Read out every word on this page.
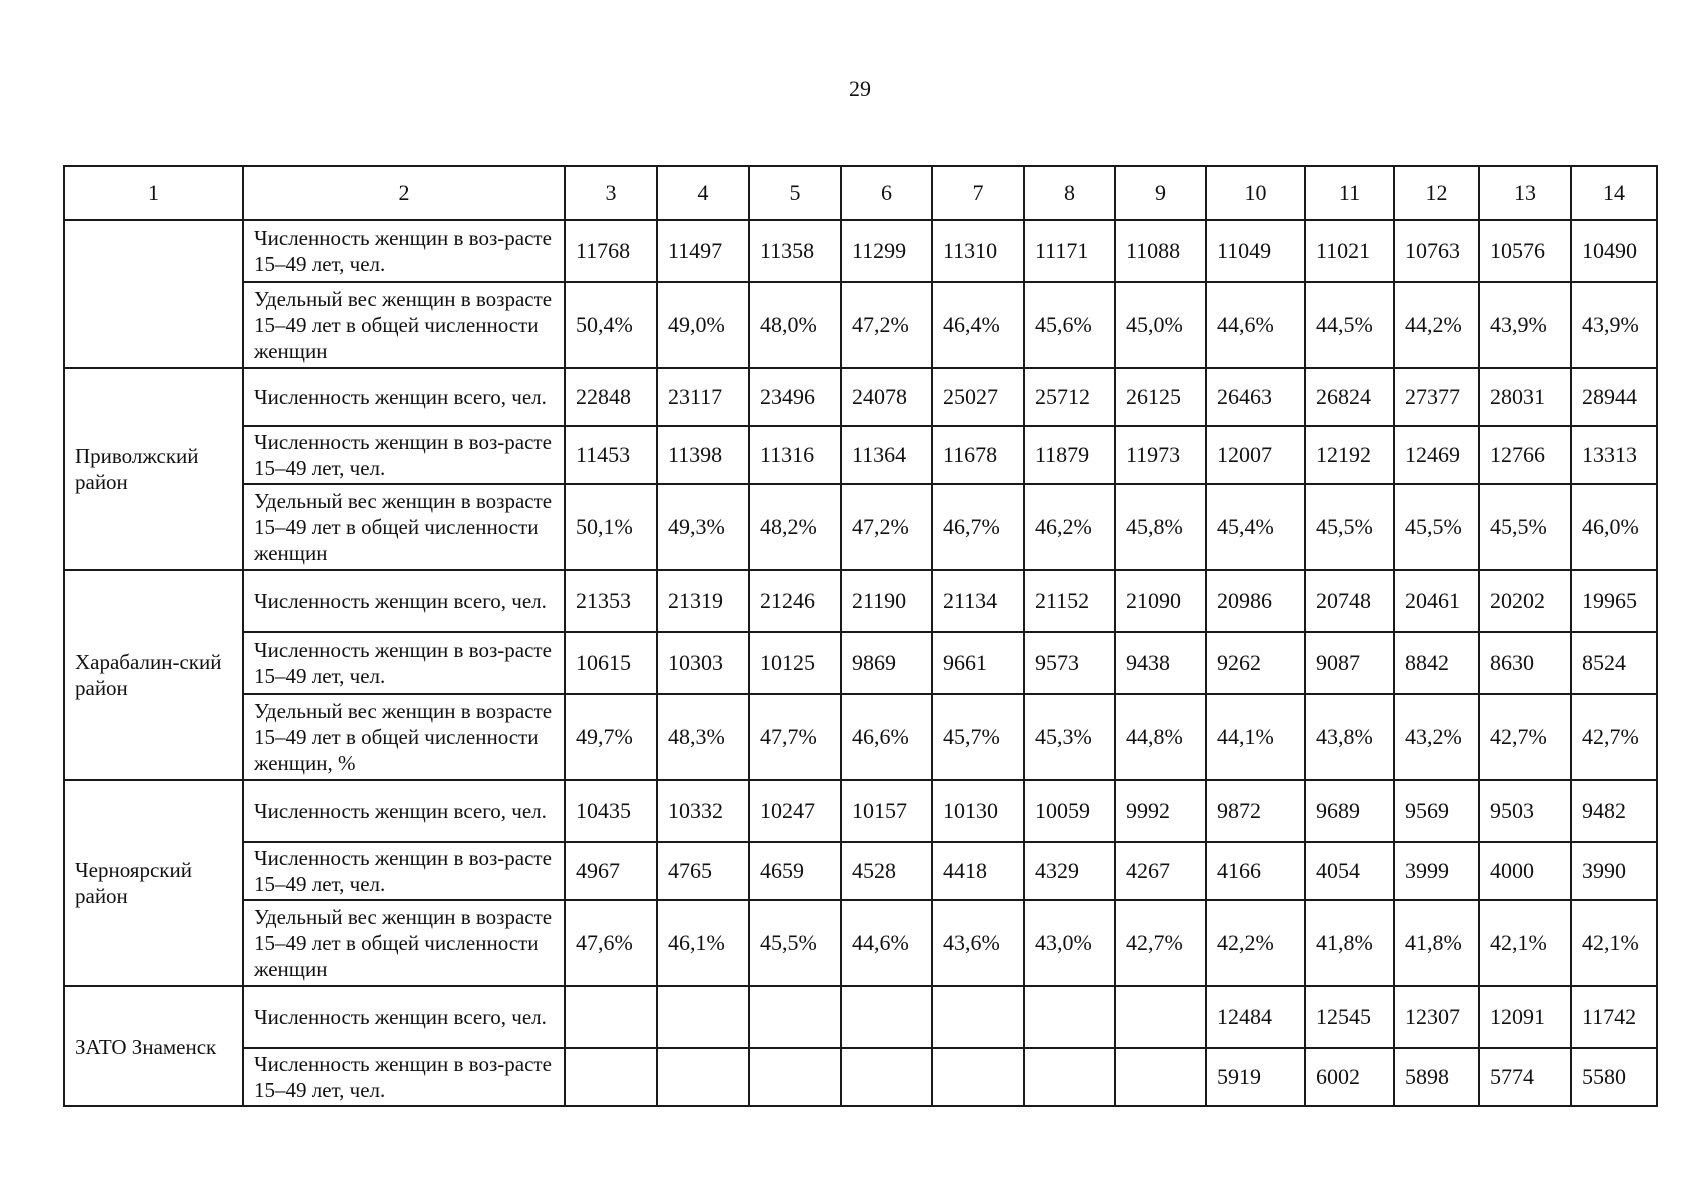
29
1	2	3	4	5	6	7	8	9	10	11	12	13	14
	Численность женщин в воз-расте 15–49 лет, чел.	11768	11497	11358	11299	11310	11171	11088	11049	11021	10763	10576	10490
	Удельный вес женщин в возрасте 15–49 лет в общей численности женщин	50,4%	49,0%	48,0%	47,2%	46,4%	45,6%	45,0%	44,6%	44,5%	44,2%	43,9%	43,9%
Приволжский район	Численность женщин всего, чел.	22848	23117	23496	24078	25027	25712	26125	26463	26824	27377	28031	28944
	Численность женщин в воз-расте 15–49 лет, чел.	11453	11398	11316	11364	11678	11879	11973	12007	12192	12469	12766	13313
	Удельный вес женщин в возрасте 15–49 лет в общей численности женщин	50,1%	49,3%	48,2%	47,2%	46,7%	46,2%	45,8%	45,4%	45,5%	45,5%	45,5%	46,0%
Харабалин-ский район	Численность женщин всего, чел.	21353	21319	21246	21190	21134	21152	21090	20986	20748	20461	20202	19965
	Численность женщин в воз-расте 15–49 лет, чел.	10615	10303	10125	9869	9661	9573	9438	9262	9087	8842	8630	8524
	Удельный вес женщин в возрасте 15–49 лет в общей численности женщин, %	49,7%	48,3%	47,7%	46,6%	45,7%	45,3%	44,8%	44,1%	43,8%	43,2%	42,7%	42,7%
Черноярский район	Численность женщин всего, чел.	10435	10332	10247	10157	10130	10059	9992	9872	9689	9569	9503	9482
	Численность женщин в воз-расте 15–49 лет, чел.	4967	4765	4659	4528	4418	4329	4267	4166	4054	3999	4000	3990
	Удельный вес женщин в возрасте 15–49 лет в общей численности женщин	47,6%	46,1%	45,5%	44,6%	43,6%	43,0%	42,7%	42,2%	41,8%	41,8%	42,1%	42,1%
ЗАТО Знаменск	Численность женщин всего, чел.								12484	12545	12307	12091	11742
	Численность женщин в воз-расте 15–49 лет, чел.								5919	6002	5898	5774	5580
